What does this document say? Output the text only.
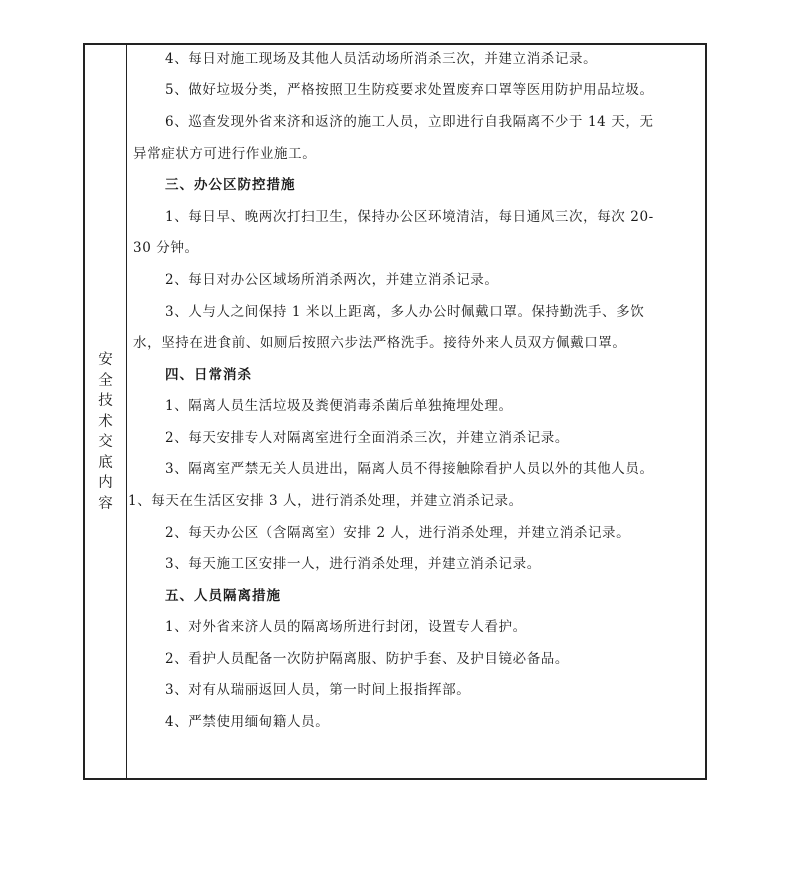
安
全
技
术
交
底
内
容
4、每日对施工现场及其他人员活动场所消杀三次，并建立消杀记录。
5、做好垃圾分类，严格按照卫生防疫要求处置废弃口罩等医用防护用品垃圾。
6、巡查发现外省来济和返济的施工人员，立即进行自我隔离不少于 14 天，无
异常症状方可进行作业施工。
三、办公区防控措施
1、每日早、晚两次打扫卫生，保持办公区环境清洁，每日通风三次，每次 20-
30 分钟。
2、每日对办公区域场所消杀两次，并建立消杀记录。
3、人与人之间保持 1 米以上距离，多人办公时佩戴口罩。保持勤洗手、多饮
水，坚持在进食前、如厕后按照六步法严格洗手。接待外来人员双方佩戴口罩。
四、日常消杀
1、隔离人员生活垃圾及粪便消毒杀菌后单独掩埋处理。
2、每天安排专人对隔离室进行全面消杀三次，并建立消杀记录。
3、隔离室严禁无关人员进出，隔离人员不得接触除看护人员以外的其他人员。
1、每天在生活区安排 3 人，进行消杀处理，并建立消杀记录。
2、每天办公区（含隔离室）安排 2 人，进行消杀处理，并建立消杀记录。
3、每天施工区安排一人，进行消杀处理，并建立消杀记录。
五、人员隔离措施
1、对外省来济人员的隔离场所进行封闭，设置专人看护。
2、看护人员配备一次防护隔离服、防护手套、及护目镜必备品。
3、对有从瑞丽返回人员，第一时间上报指挥部。
4、严禁使用缅甸籍人员。
